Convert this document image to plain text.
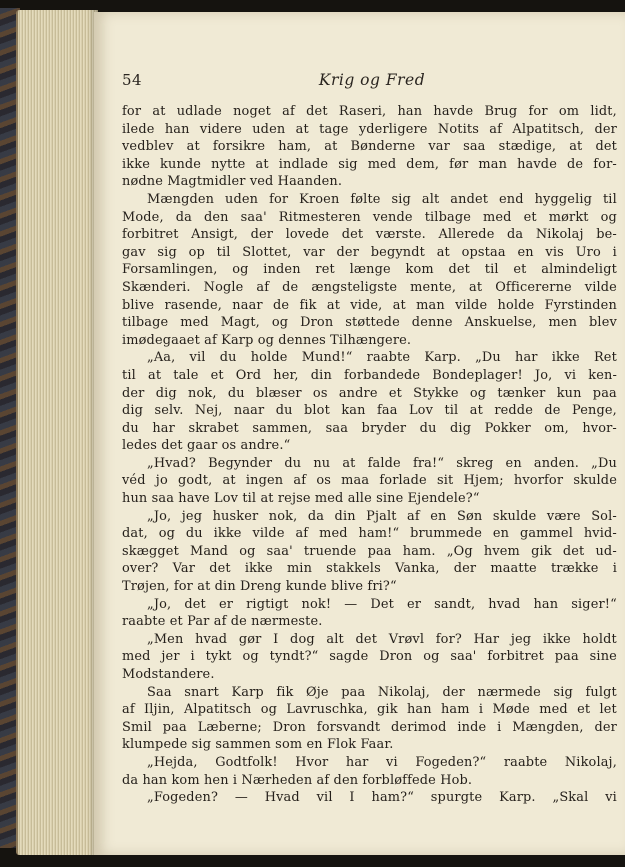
54	Krig og Fred
for at udlade noget af det Raseri, han havde Brug for om lidt,
ilede han videre uden at tage yderligere Notits af Alpatitsch, der
vedblev at forsikre ham, at Bønderne var saa stædige, at det
ikke kunde nytte at indlade sig med dem, før man havde de for-
nødne Magtmidler ved Haanden.
Mængden uden for Kroen følte sig alt andet end hyggelig til
Mode, da den saa' Ritmesteren vende tilbage med et mørkt og
forbitret Ansigt, der lovede det værste. Allerede da Nikolaj be-
gav sig op til Slottet, var der begyndt at opstaa en vis Uro i
Forsamlingen, og inden ret længe kom det til et almindeligt
Skænderi. Nogle af de ængsteligste mente, at Officererne vilde
blive rasende, naar de fik at vide, at man vilde holde Fyrstinden
tilbage med Magt, og Dron støttede denne Anskuelse, men blev
imødegaaet af Karp og dennes Tilhængere.
„Aa, vil du holde Mund!“ raabte Karp. „Du har ikke Ret
til at tale et Ord her, din forbandede Bondeplager! Jo, vi ken-
der dig nok, du blæser os andre et Stykke og tænker kun paa
dig selv. Nej, naar du blot kan faa Lov til at redde de Penge,
du har skrabet sammen, saa bryder du dig Pokker om, hvor-
ledes det gaar os andre.“
„Hvad? Begynder du nu at falde fra!“ skreg en anden. „Du
véd jo godt, at ingen af os maa forlade sit Hjem; hvorfor skulde
hun saa have Lov til at rejse med alle sine Ejendele?“
„Jo, jeg husker nok, da din Pjalt af en Søn skulde være Sol-
dat, og du ikke vilde af med ham!“ brummede en gammel hvid-
skægget Mand og saa' truende paa ham. „Og hvem gik det ud-
over? Var det ikke min stakkels Vanka, der maatte trække i
Trøjen, for at din Dreng kunde blive fri?“
„Jo, det er rigtigt nok! — Det er sandt, hvad han siger!“
raabte et Par af de nærmeste.
„Men hvad gør I dog alt det Vrøvl for? Har jeg ikke holdt
med jer i tykt og tyndt?“ sagde Dron og saa' forbitret paa sine
Modstandere.
Saa snart Karp fik Øje paa Nikolaj, der nærmede sig fulgt
af Iljin, Alpatitsch og Lavruschka, gik han ham i Møde med et let
Smil paa Læberne; Dron forsvandt derimod inde i Mængden, der
klumpede sig sammen som en Flok Faar.
„Hejda, Godtfolk! Hvor har vi Fogeden?“ raabte Nikolaj,
da han kom hen i Nærheden af den forbløffede Hob.
„Fogeden? — Hvad vil I ham?“ spurgte Karp. „Skal vi
